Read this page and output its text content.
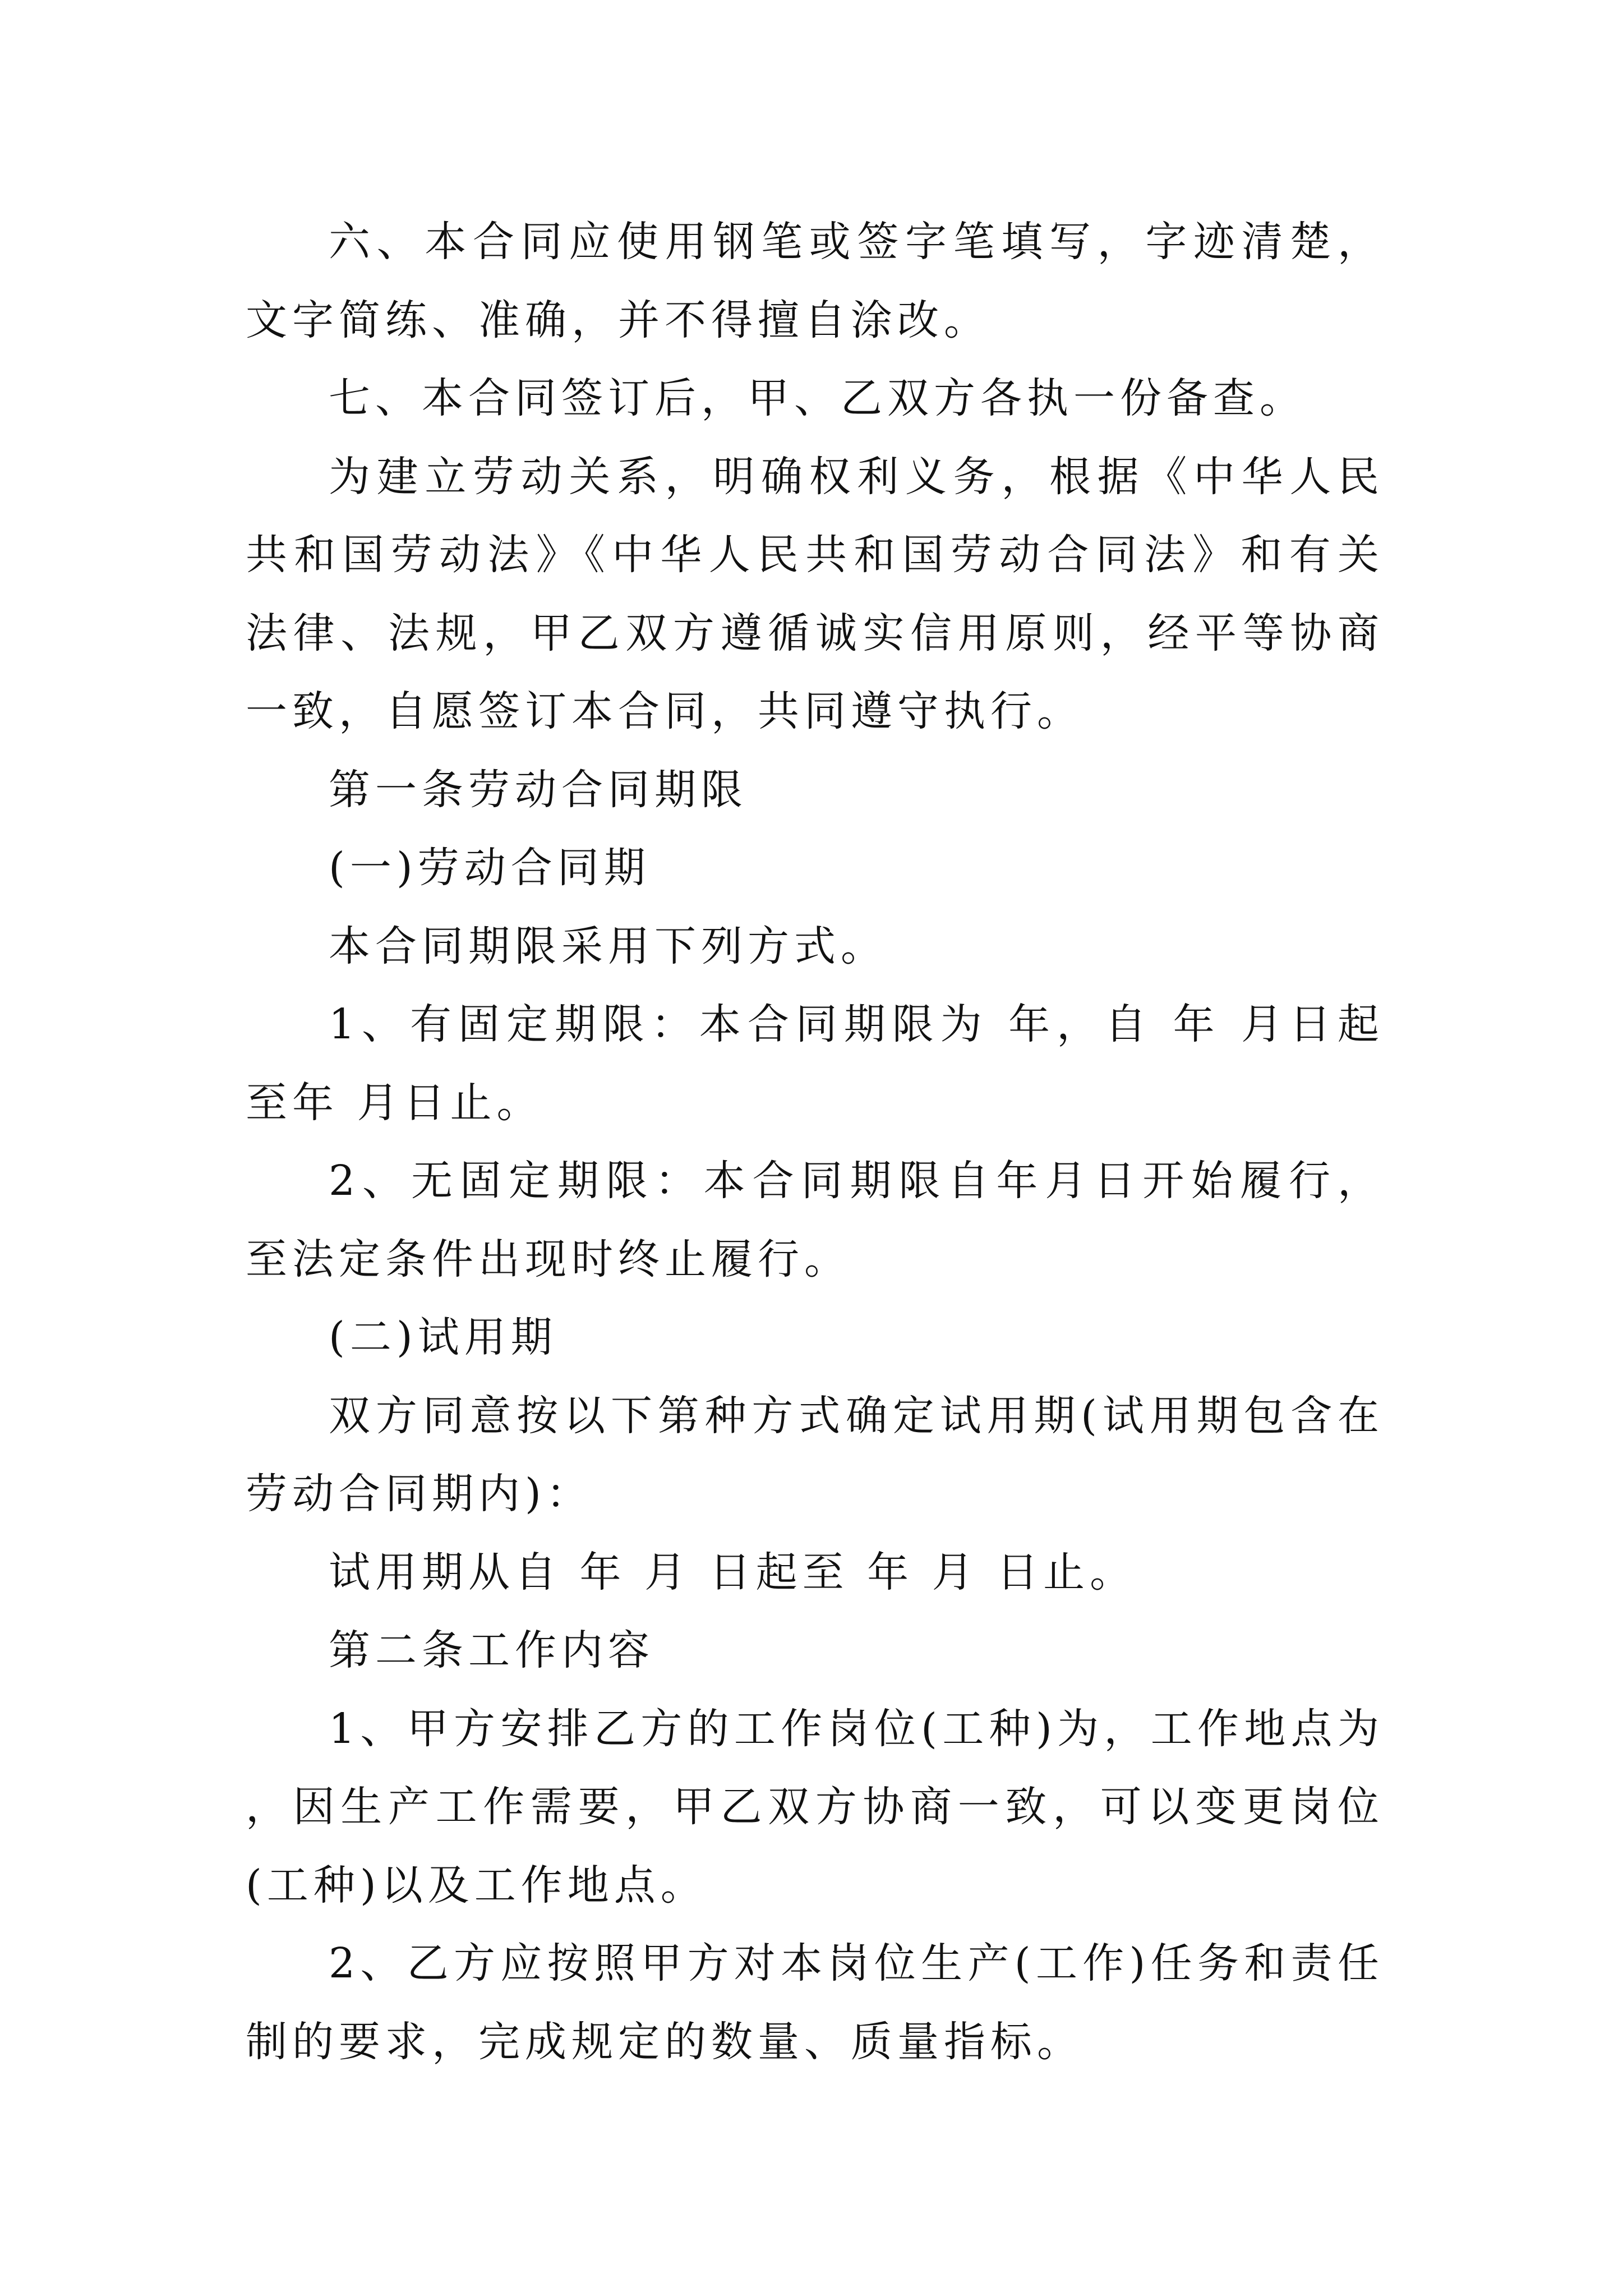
六、本合同应使用钢笔或签字笔填写，字迹清楚，文字简练、准确，并不得擅自涂改。

七、本合同签订后，甲、乙双方各执一份备查。

为建立劳动关系，明确权利义务，根据《中华人民共和国劳动法》《中华人民共和国劳动合同法》和有关法律、法规，甲乙双方遵循诚实信用原则，经平等协商一致，自愿签订本合同，共同遵守执行。

第一条劳动合同期限

(一)劳动合同期

本合同期限采用下列方式。

1、有固定期限：本合同期限为 年，自 年 月日起至年 月日止。

2、无固定期限：本合同期限自年月日开始履行，至法定条件出现时终止履行。

(二)试用期

双方同意按以下第种方式确定试用期(试用期包含在劳动合同期内)：

试用期从自 年 月 日起至 年 月 日止。

第二条工作内容

1、甲方安排乙方的工作岗位(工种)为，工作地点为 ，因生产工作需要，甲乙双方协商一致，可以变更岗位(工种)以及工作地点。

2、乙方应按照甲方对本岗位生产(工作)任务和责任制的要求，完成规定的数量、质量指标。
